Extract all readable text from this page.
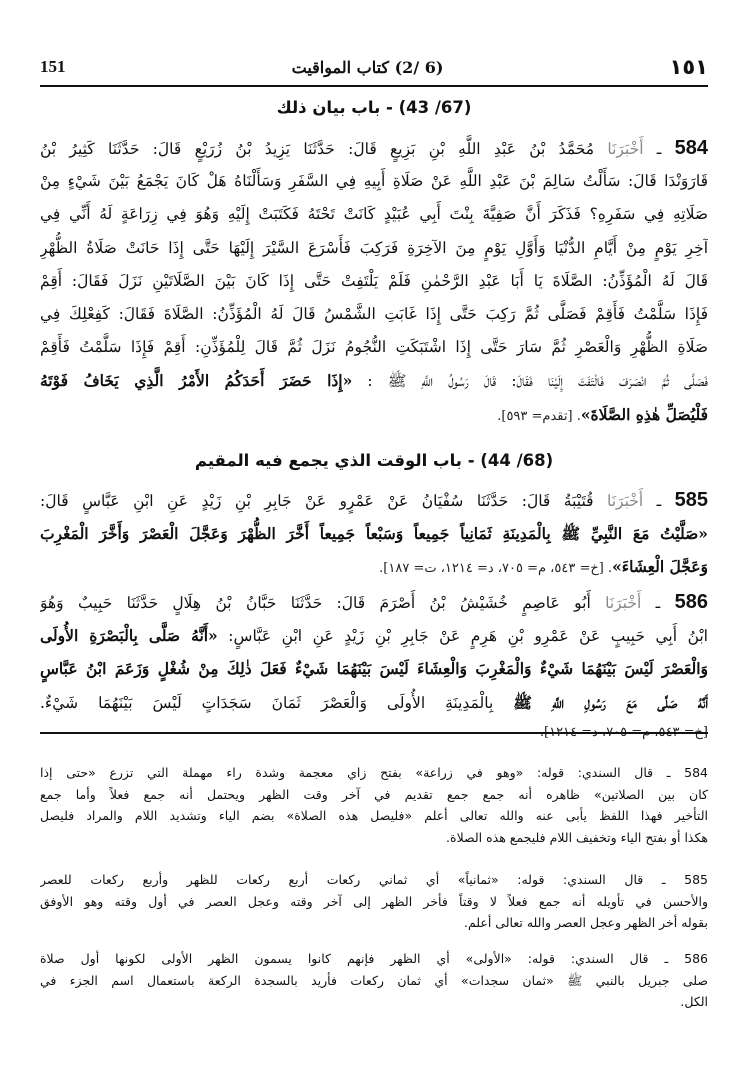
١٥١
(6 /2) كتاب المواقيت
151
(67/ 43) - باب بيان ذلك
584 ـ أَخْبَرَنَا مُحَمَّدُ بْنُ عَبْدِ اللَّهِ بْنِ بَزِيعٍ قَالَ: حَدَّثَنَا يَزِيدُ بْنُ زُرَيْعٍ قَالَ: حَدَّثَنَا كَثِيرُ بْنُ
قَارَوَنْدَا قَالَ: سَأَلْتُ سَالِمَ بْنَ عَبْدِ اللَّهِ عَنْ صَلَاةِ أَبِيهِ فِي السَّفَرِ وَسَأَلْنَاهُ هَلْ كَانَ يَجْمَعُ بَيْنَ شَيْءٍ مِنْ
صَلَاتِهِ فِي سَفَرِهِ؟ فَذَكَرَ أَنَّ صَفِيَّةَ بِنْتَ أَبِي عُبَيْدٍ كَانَتْ تَحْتَهُ فَكَتَبَتْ إِلَيْهِ وَهُوَ فِي زِرَاعَةٍ لَهُ أَنِّي فِي
آخِرِ يَوْمٍ مِنْ أَيَّامِ الدُّنْيَا وَأَوَّلِ يَوْمٍ مِنَ الآخِرَةِ فَرَكِبَ فَأَسْرَعَ السَّيْرَ إِلَيْهَا حَتَّى إِذَا حَانَتْ صَلَاةُ الظُّهْرِ
قَالَ لَهُ الْمُؤَذِّنُ: الصَّلَاةَ يَا أَبَا عَبْدِ الرَّحْمٰنِ فَلَمْ يَلْتَفِتْ حَتَّى إِذَا كَانَ بَيْنَ الصَّلَاتَيْنِ نَزَلَ فَقَالَ: أَقِمْ
فَإِذَا سَلَّمْتُ فَأَقِمْ فَصَلَّى ثُمَّ رَكِبَ حَتَّى إِذَا غَابَتِ الشَّمْسُ قَالَ لَهُ الْمُؤَذِّنُ: الصَّلَاةَ فَقَالَ: كَفِعْلِكَ فِي
صَلَاةِ الظُّهْرِ وَالْعَصْرِ ثُمَّ سَارَ حَتَّى إِذَا اشْتَبَكَتِ النُّجُومُ نَزَلَ ثُمَّ قَالَ لِلْمُؤَذِّنِ: أَقِمْ فَإِذَا سَلَّمْتُ فَأَقِمْ
فَصَلَّى ثُمَّ انْصَرَفَ فَالْتَفَتَ إِلَيْنَا فَقَالَ: قَالَ رَسُولُ اللَّهِ ﷺ : «إِذَا حَضَرَ أَحَدَكُمُ الأَمْرُ الَّذِي يَخَافُ فَوْتَهُ
فَلْيُصَلِّ هٰذِهِ الصَّلَاةَ». [تقدم= ٥٩٣].
(68/ 44) - باب الوقت الذي يجمع فيه المقيم
585 ـ أَخْبَرَنَا قُتَيْبَةُ قَالَ: حَدَّثَنَا سُفْيَانُ عَنْ عَمْرٍو عَنْ جَابِرِ بْنِ زَيْدٍ عَنِ ابْنِ عَبَّاسٍ قَالَ:
«صَلَّيْتُ مَعَ النَّبِيِّ ﷺ بِالْمَدِينَةِ ثَمَانِياً جَمِيعاً وَسَبْعاً جَمِيعاً أَخَّرَ الظُّهْرَ وَعَجَّلَ الْعَصْرَ وَأَخَّرَ الْمَغْرِبَ
وَعَجَّلَ الْعِشَاءَ». [خ= ٥٤٣، م= ٧٠٥، د= ١٢١٤، ت= ١٨٧].
586 ـ أَخْبَرَنَا أَبُو عَاصِمٍ خُشَيْشُ بْنُ أَصْرَمَ قَالَ: حَدَّثَنَا حَبَّانُ بْنُ هِلَالٍ حَدَّثَنَا حَبِيبٌ وَهُوَ
ابْنُ أَبِي حَبِيبٍ عَنْ عَمْرِو بْنِ هَرِمٍ عَنْ جَابِرِ بْنِ زَيْدٍ عَنِ ابْنِ عَبَّاسٍ: «أَنَّهُ صَلَّى بِالْبَصْرَةِ الأُولَى
وَالْعَصْرَ لَيْسَ بَيْنَهُمَا شَيْءٌ وَالْمَغْرِبَ وَالْعِشَاءَ لَيْسَ بَيْنَهُمَا شَيْءٌ فَعَلَ ذٰلِكَ مِنْ شُغْلٍ وَزَعَمَ ابْنُ عَبَّاسٍ
أَنَّهُ صَلَّى مَعَ رَسُولِ اللَّهِ ﷺ بِالْمَدِينَةِ الأُولَى وَالْعَصْرَ ثَمَانَ سَجَدَاتٍ لَيْسَ بَيْنَهُمَا شَيْءٌ.
[خ= ٥٤٣، م= ٧٠٥، د= ١٢١٤].
584 ـ قال السندي: قوله: «وهو في زراعة» بفتح زاي معجمة وشدة راء مهملة التي تزرع «حتى إذا
كان بين الصلاتين» ظاهره أنه جمع جمع تقديم في آخر وقت الظهر ويحتمل أنه جمع فعلاً وأما جمع
التأخير فهذا اللفظ يأبى عنه والله تعالى أعلم «فليصل هذه الصلاة» بضم الياء وتشديد اللام والمراد فليصل
هكذا أو بفتح الياء وتخفيف اللام فليجمع هذه الصلاة.
585 ـ قال السندي: قوله: «ثمانياً» أي ثماني ركعات أربع ركعات للظهر وأربع ركعات للعصر
والأحسن في تأويله أنه جمع فعلاً لا وقتاً فأخر الظهر إلى آخر وقته وعجل العصر في أول وقته وهو الأوفق
بقوله أخر الظهر وعجل العصر والله تعالى أعلم.
586 ـ قال السندي: قوله: «الأولى» أي الظهر فإنهم كانوا يسمون الظهر الأولى لكونها أول صلاة
صلى جبريل بالنبي ﷺ «ثمان سجدات» أي ثمان ركعات فأريد بالسجدة الركعة باستعمال اسم الجزء في
الكل.
